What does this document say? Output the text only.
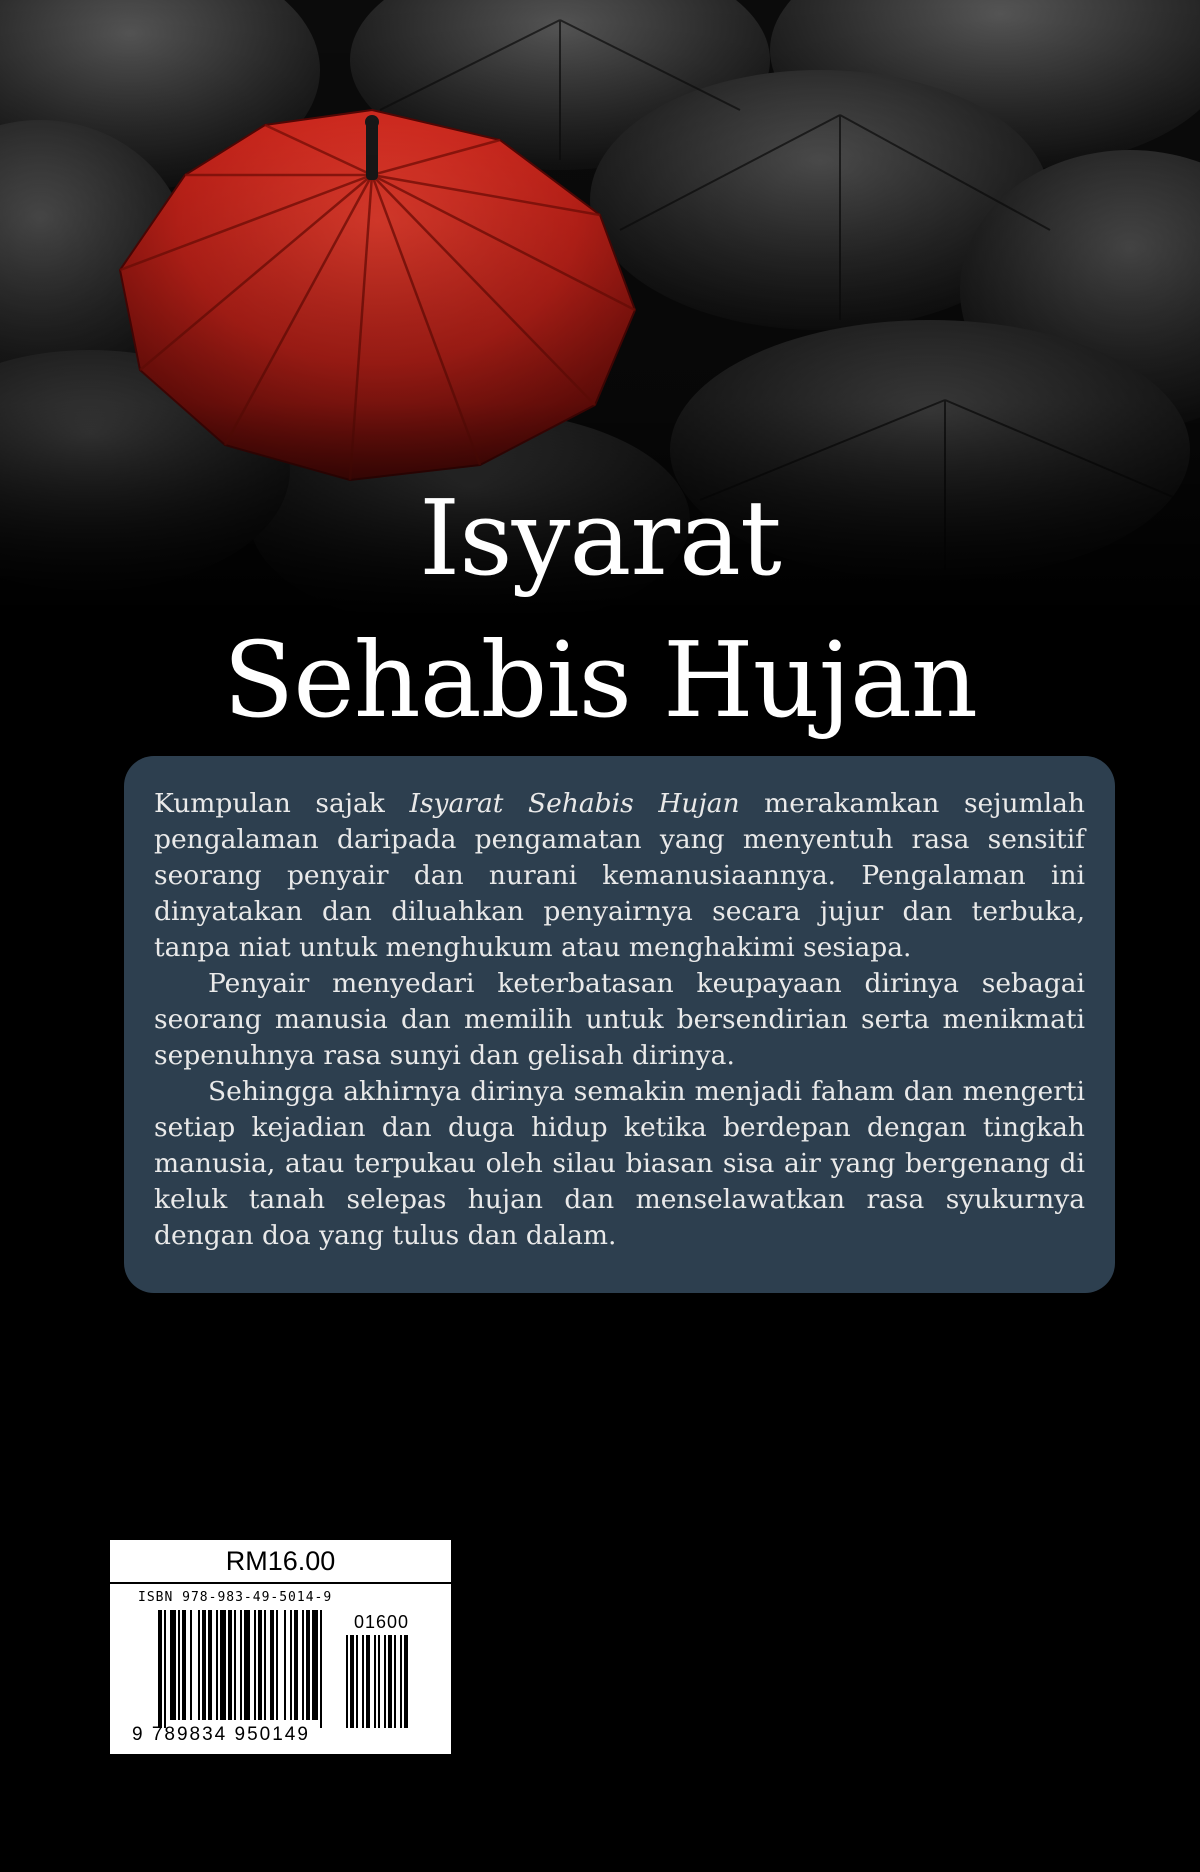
Isyarat
Sehabis Hujan

Kumpulan sajak Isyarat Sehabis Hujan merakamkan sejumlah pengalaman daripada pengamatan yang menyentuh rasa sensitif seorang penyair dan nurani kemanusiaannya. Pengalaman ini dinyatakan dan diluahkan penyairnya secara jujur dan terbuka, tanpa niat untuk menghukum atau menghakimi sesiapa.

Penyair menyedari keterbatasan keupayaan dirinya sebagai seorang manusia dan memilih untuk bersendirian serta menikmati sepenuhnya rasa sunyi dan gelisah dirinya.

Sehingga akhirnya dirinya semakin menjadi faham dan mengerti setiap kejadian dan duga hidup ketika berdepan dengan tingkah manusia, atau terpukau oleh silau biasan sisa air yang bergenang di keluk tanah selepas hujan dan menselawatkan rasa syukurnya dengan doa yang tulus dan dalam.

RM16.00
ISBN 978-983-49-5014-9
01600
9 789834 950149
